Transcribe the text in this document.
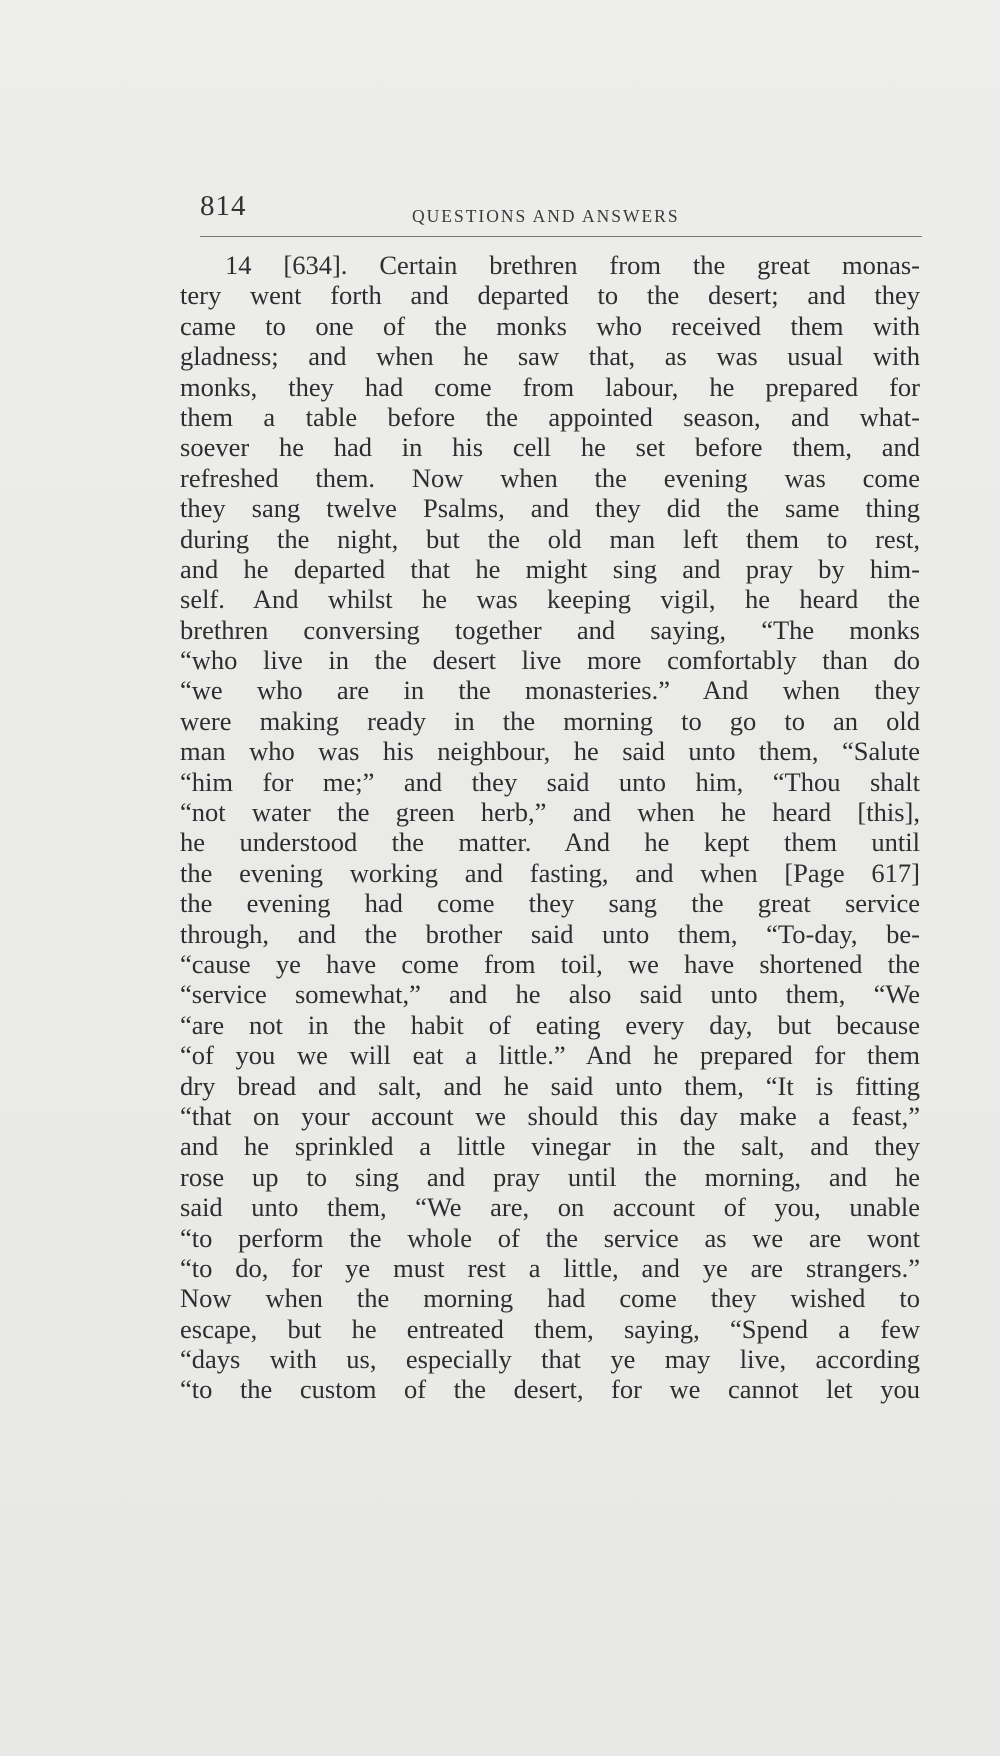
814	QUESTIONS AND ANSWERS
14 [634]. Certain brethren from the great monas-
tery went forth and departed to the desert; and they
came to one of the monks who received them with
gladness; and when he saw that, as was usual with
monks, they had come from labour, he prepared for
them a table before the appointed season, and what-
soever he had in his cell he set before them, and
refreshed them. Now when the evening was come
they sang twelve Psalms, and they did the same thing
during the night, but the old man left them to rest,
and he departed that he might sing and pray by him-
self. And whilst he was keeping vigil, he heard the
brethren conversing together and saying, “The monks
“who live in the desert live more comfortably than do
“we who are in the monasteries.” And when they
were making ready in the morning to go to an old
man who was his neighbour, he said unto them, “Salute
“him for me;” and they said unto him, “Thou shalt
“not water the green herb,” and when he heard [this],
he understood the matter. And he kept them until
the evening working and fasting, and when [Page 617]
the evening had come they sang the great service
through, and the brother said unto them, “To-day, be-
“cause ye have come from toil, we have shortened the
“service somewhat,” and he also said unto them, “We
“are not in the habit of eating every day, but because
“of you we will eat a little.” And he prepared for them
dry bread and salt, and he said unto them, “It is fitting
“that on your account we should this day make a feast,”
and he sprinkled a little vinegar in the salt, and they
rose up to sing and pray until the morning, and he
said unto them, “We are, on account of you, unable
“to perform the whole of the service as we are wont
“to do, for ye must rest a little, and ye are strangers.”
Now when the morning had come they wished to
escape, but he entreated them, saying, “Spend a few
“days with us, especially that ye may live, according
“to the custom of the desert, for we cannot let you
